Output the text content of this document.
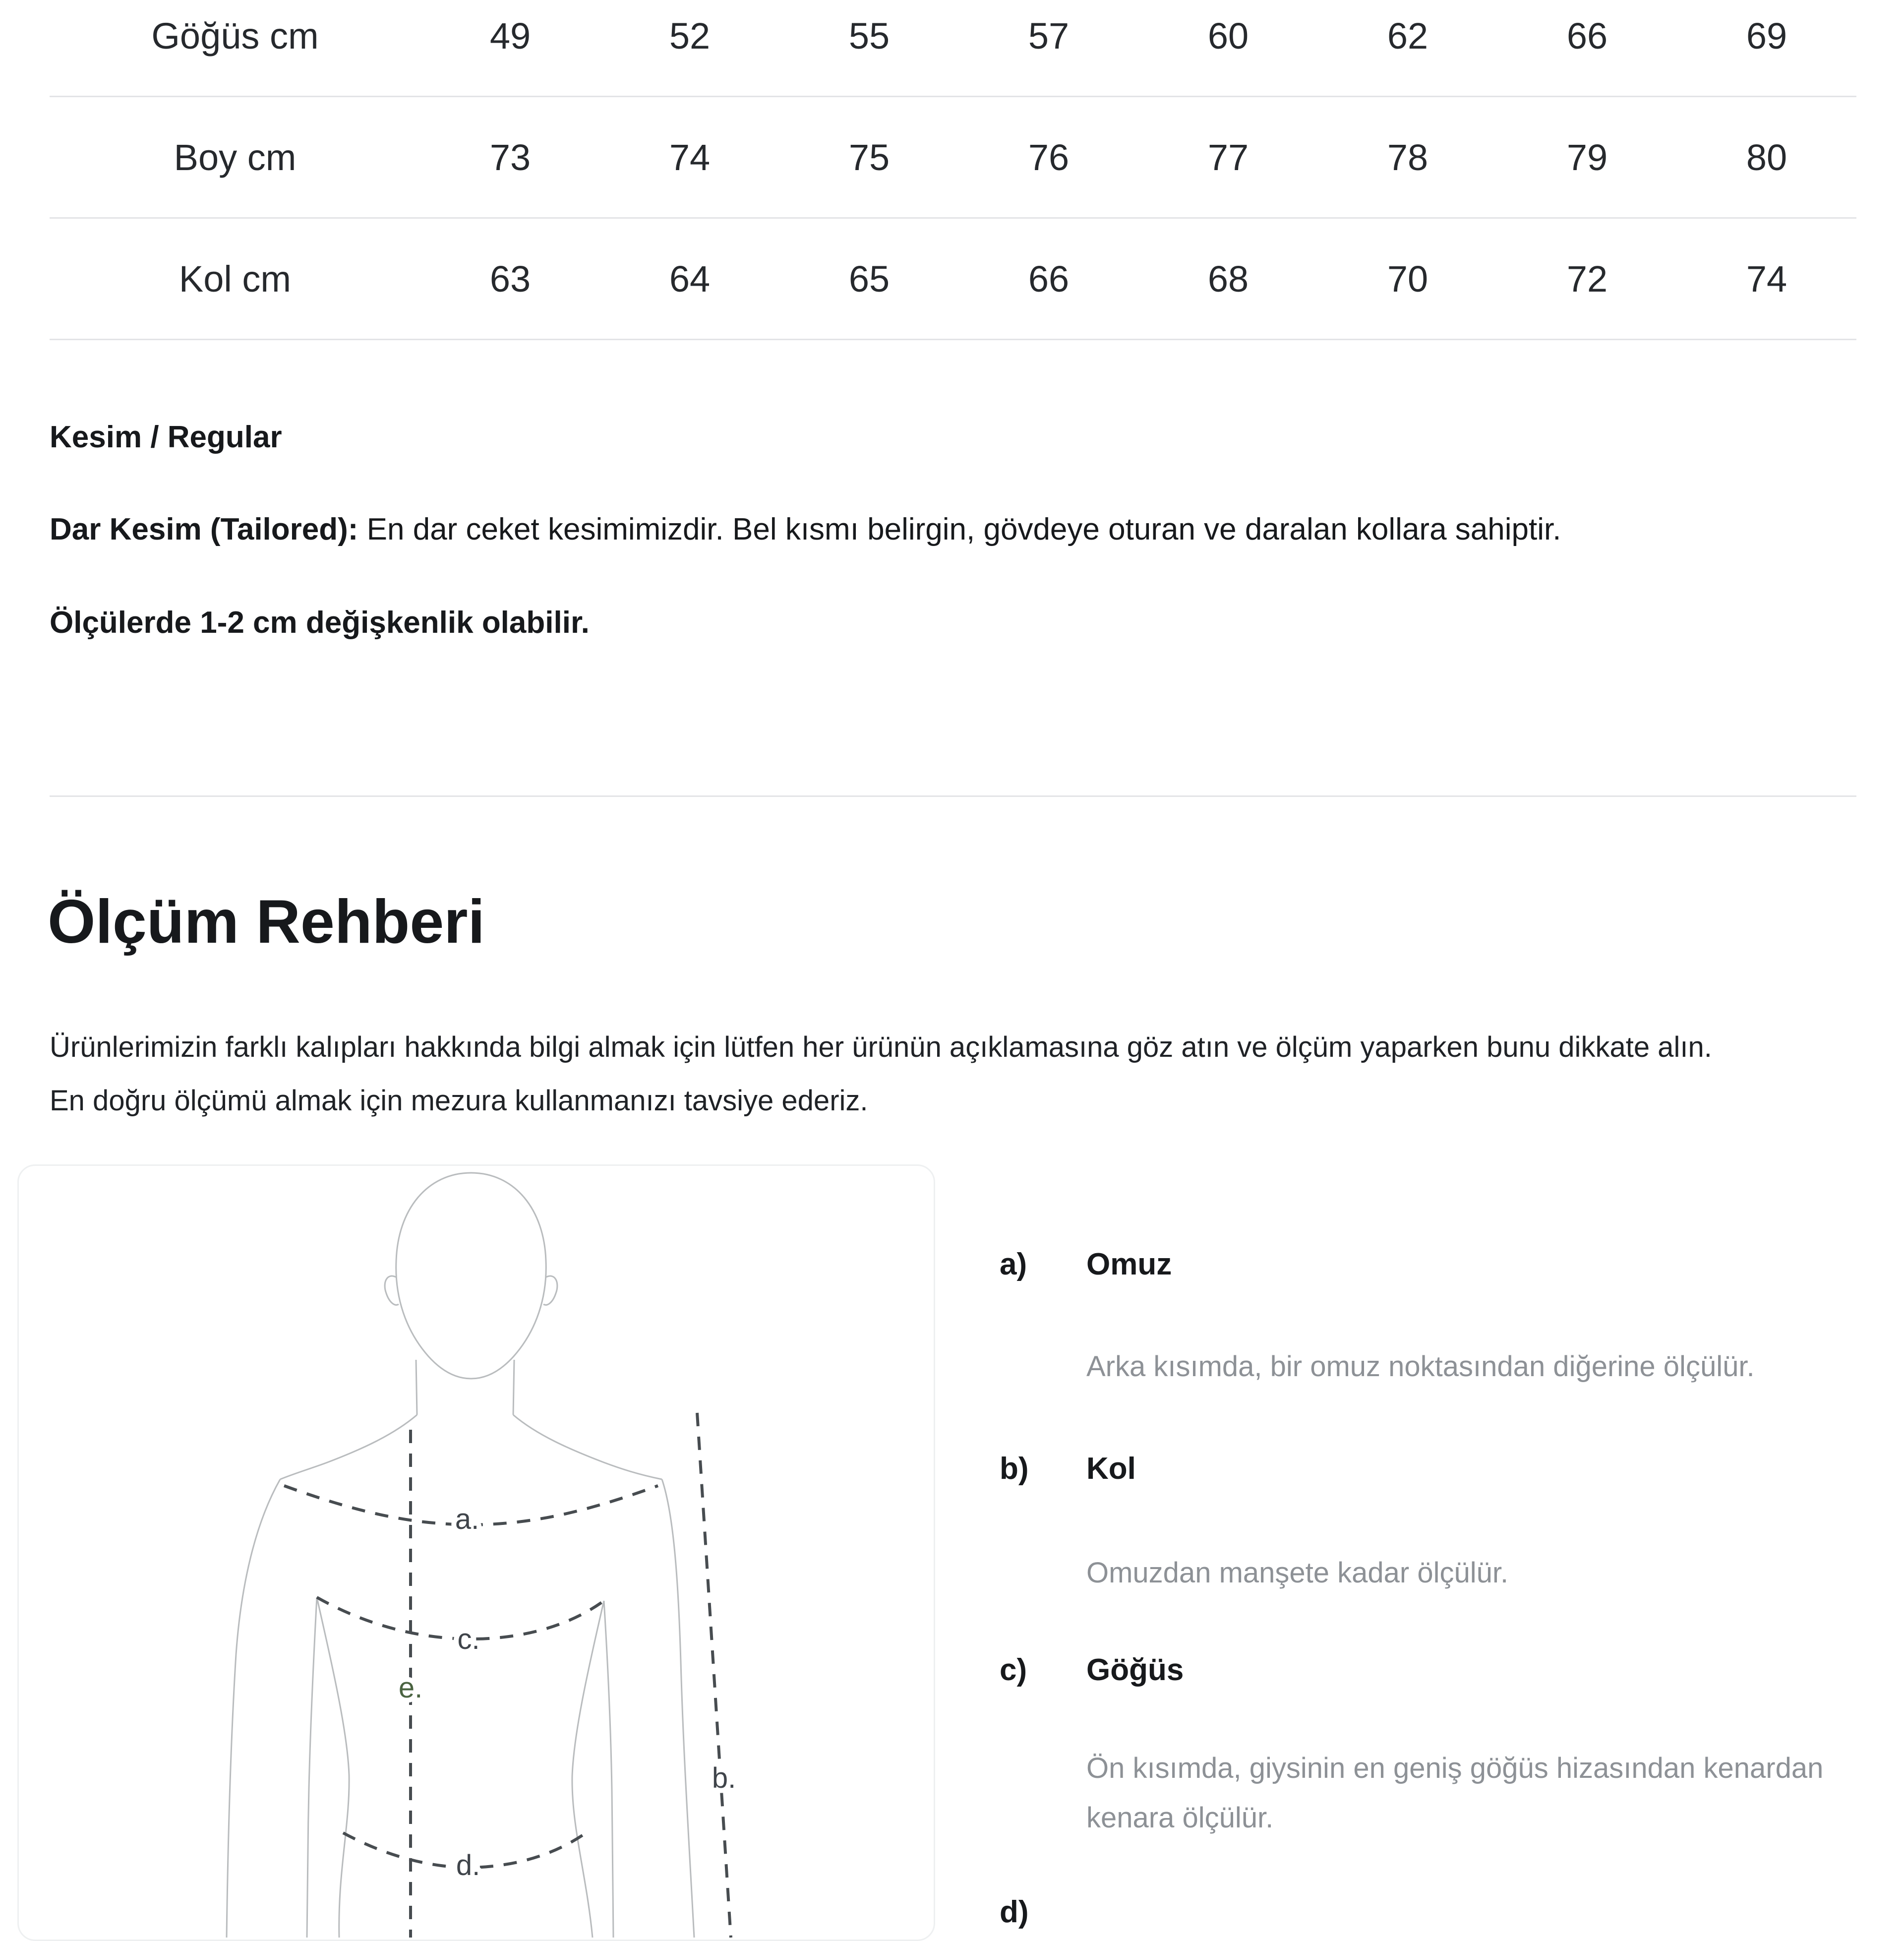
Göğüs cm	49	52	55	57	60	62	66	69
Boy cm	73	74	75	76	77	78	79	80
Kol cm	63	64	65	66	68	70	72	74
Kesim / Regular
Dar Kesim (Tailored): En dar ceket kesimimizdir. Bel kısmı belirgin, gövdeye oturan ve daralan kollara sahiptir.
Ölçülerde 1-2 cm değişkenlik olabilir.
Ölçüm Rehberi
Ürünlerimizin farklı kalıpları hakkında bilgi almak için lütfen her ürünün açıklamasına göz atın ve ölçüm yaparken bunu dikkate alın.
En doğru ölçümü almak için mezura kullanmanızı tavsiye ederiz.
a.
c.
e.
b.
d.
a) Omuz
Arka kısımda, bir omuz noktasından diğerine ölçülür.
b) Kol
Omuzdan manşete kadar ölçülür.
c) Göğüs
Ön kısımda, giysinin en geniş göğüs hizasından kenardan
kenara ölçülür.
d)
